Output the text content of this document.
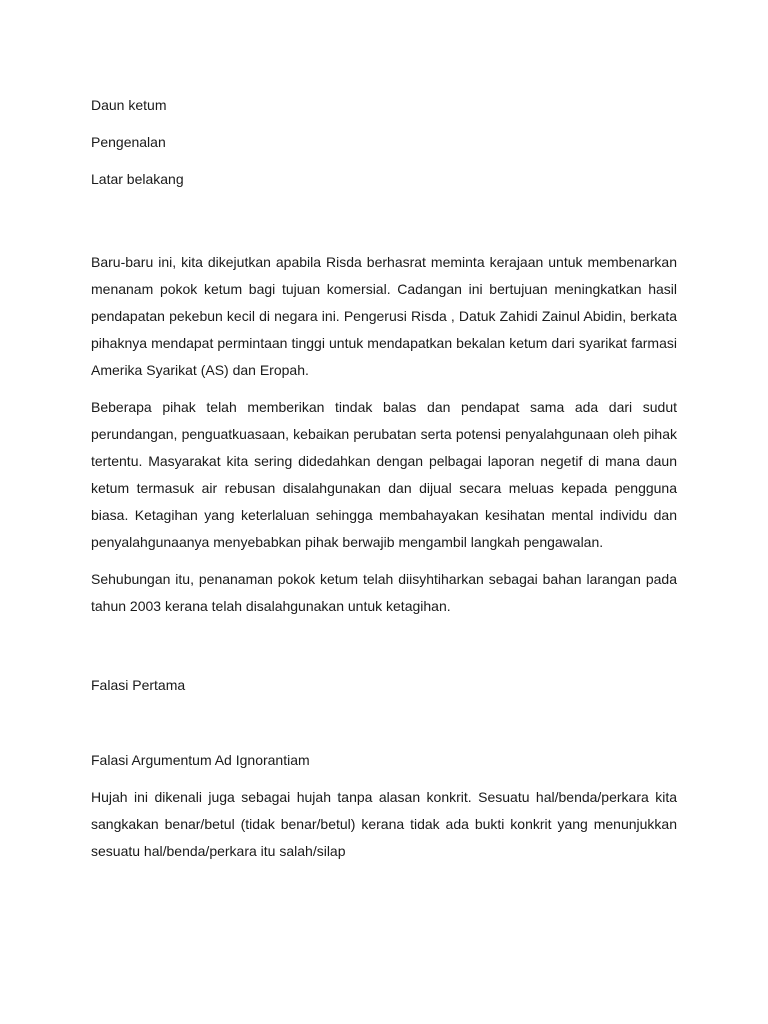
Daun ketum

Pengenalan

Latar belakang

Baru-baru ini, kita dikejutkan apabila Risda berhasrat meminta kerajaan untuk membenarkan menanam pokok ketum bagi tujuan komersial. Cadangan ini bertujuan meningkatkan hasil pendapatan pekebun kecil di negara ini. Pengerusi Risda , Datuk Zahidi Zainul Abidin, berkata pihaknya mendapat permintaan tinggi untuk mendapatkan bekalan ketum dari syarikat farmasi Amerika Syarikat (AS) dan Eropah.

Beberapa pihak telah memberikan tindak balas dan pendapat sama ada dari sudut perundangan, penguatkuasaan, kebaikan perubatan serta potensi penyalahgunaan oleh pihak tertentu. Masyarakat kita sering didedahkan dengan pelbagai laporan negetif di mana daun ketum termasuk air rebusan disalahgunakan dan dijual secara meluas kepada pengguna biasa. Ketagihan yang keterlaluan sehingga membahayakan kesihatan mental individu dan penyalahgunaanya menyebabkan pihak berwajib mengambil langkah pengawalan.

Sehubungan itu, penanaman pokok ketum telah diisyhtiharkan sebagai bahan larangan pada tahun 2003 kerana telah disalahgunakan untuk ketagihan.

Falasi Pertama

Falasi Argumentum Ad Ignorantiam

Hujah ini dikenali juga sebagai hujah tanpa alasan konkrit. Sesuatu hal/benda/perkara kita sangkakan benar/betul (tidak benar/betul) kerana tidak ada bukti konkrit yang menunjukkan sesuatu hal/benda/perkara itu salah/silap
